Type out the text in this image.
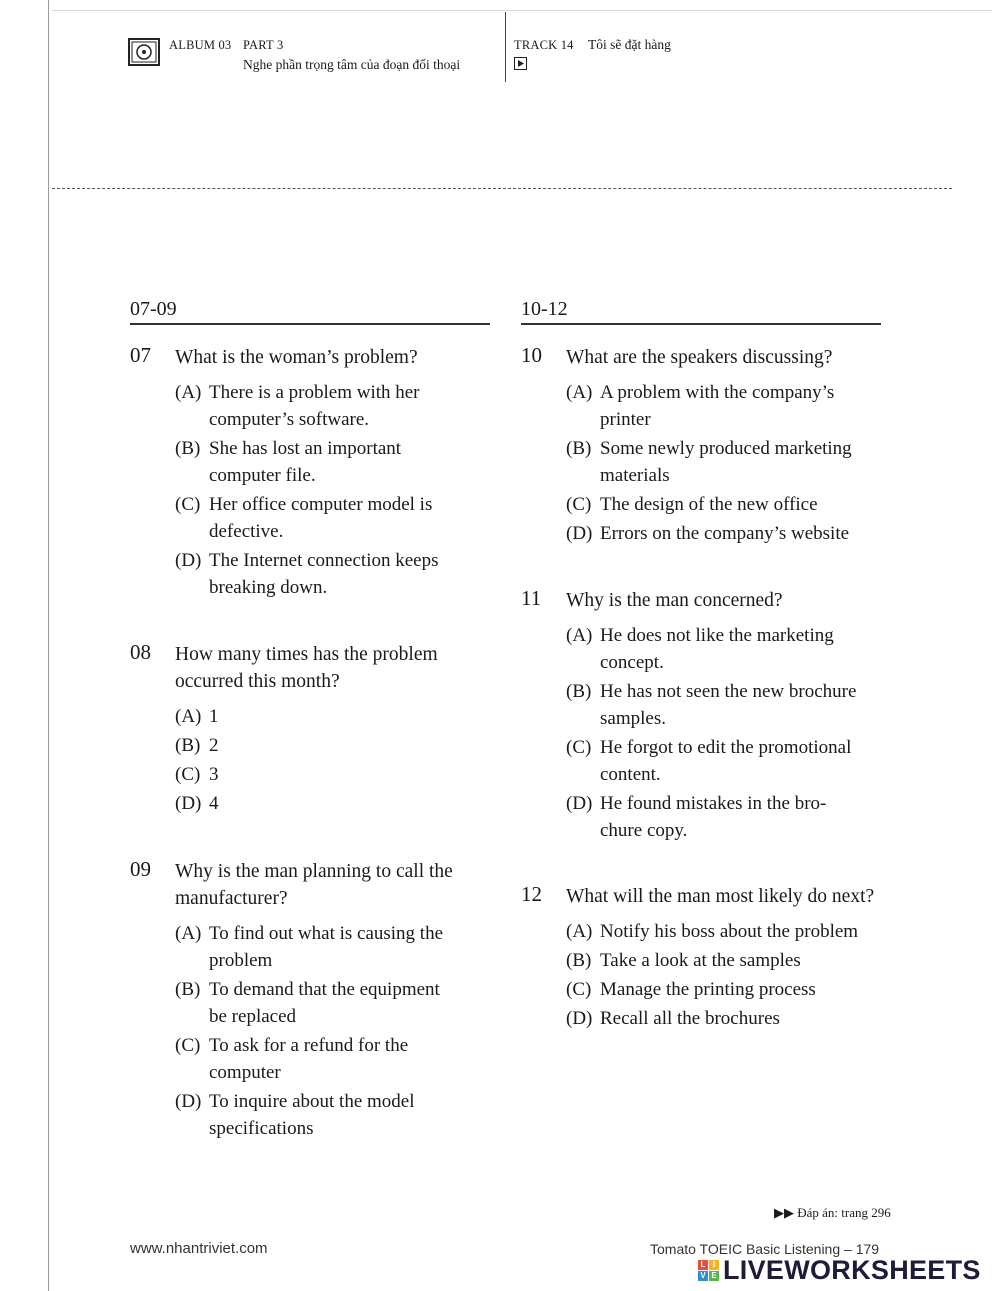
ALBUM 03 PART 3
Nghe phần trọng tâm của đoạn đối thoại
TRACK 14 Tôi sẽ đặt hàng
07-09
07 What is the woman’s problem?
(A) There is a problem with her
computer’s software.
(B) She has lost an important
computer file.
(C) Her office computer model is
defective.
(D) The Internet connection keeps
breaking down.
08 How many times has the problem
occurred this month?
(A) 1
(B) 2
(C) 3
(D) 4
09 Why is the man planning to call the
manufacturer?
(A) To find out what is causing the
problem
(B) To demand that the equipment
be replaced
(C) To ask for a refund for the
computer
(D) To inquire about the model
specifications
10-12
10 What are the speakers discussing?
(A) A problem with the company’s
printer
(B) Some newly produced marketing
materials
(C) The design of the new office
(D) Errors on the company’s website
11 Why is the man concerned?
(A) He does not like the marketing
concept.
(B) He has not seen the new brochure
samples.
(C) He forgot to edit the promotional
content.
(D) He found mistakes in the bro-
chure copy.
12 What will the man most likely do next?
(A) Notify his boss about the problem
(B) Take a look at the samples
(C) Manage the printing process
(D) Recall all the brochures
▶▶ Đáp án: trang 296
www.nhantriviet.com	Tomato TOEIC Basic Listening – 179
L I
V E LIVEWORKSHEETS
